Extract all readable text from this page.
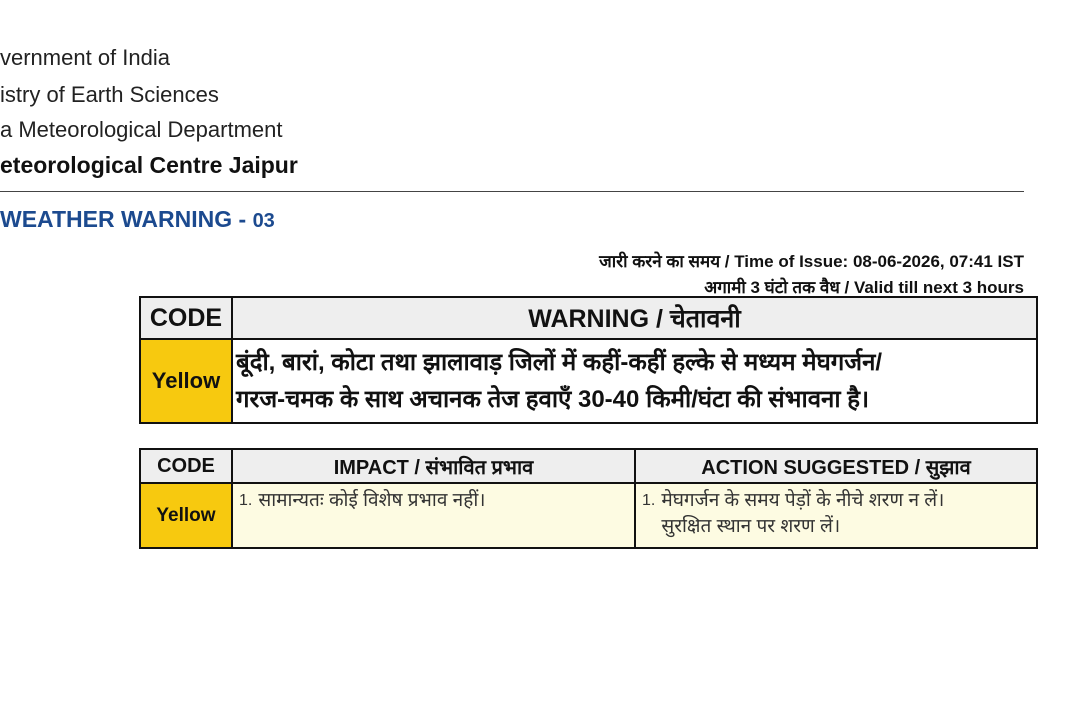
vernment of India
istry of Earth Sciences
a Meteorological Department
eteorological Centre Jaipur
WEATHER WARNING - 03
जारी करने का समय / Time of Issue: 08-06-2026, 07:41 IST
अगामी 3 घंटो तक वैध / Valid till next 3 hours
CODE	WARNING / चेतावनी
Yellow	बूंदी, बारां, कोटा तथा झालावाड़ जिलों में कहीं-कहीं हल्के से मध्यम मेघगर्जन/
गरज-चमक के साथ अचानक तेज हवाएँ 30-40 किमी/घंटा की संभावना है।
CODE	IMPACT / संभावित प्रभाव	ACTION SUGGESTED / सुझाव
Yellow	1. सामान्यतः कोई विशेष प्रभाव नहीं।	1. मेघगर्जन के समय पेड़ों के नीचे शरण न लें।
सुरक्षित स्थान पर शरण लें।
